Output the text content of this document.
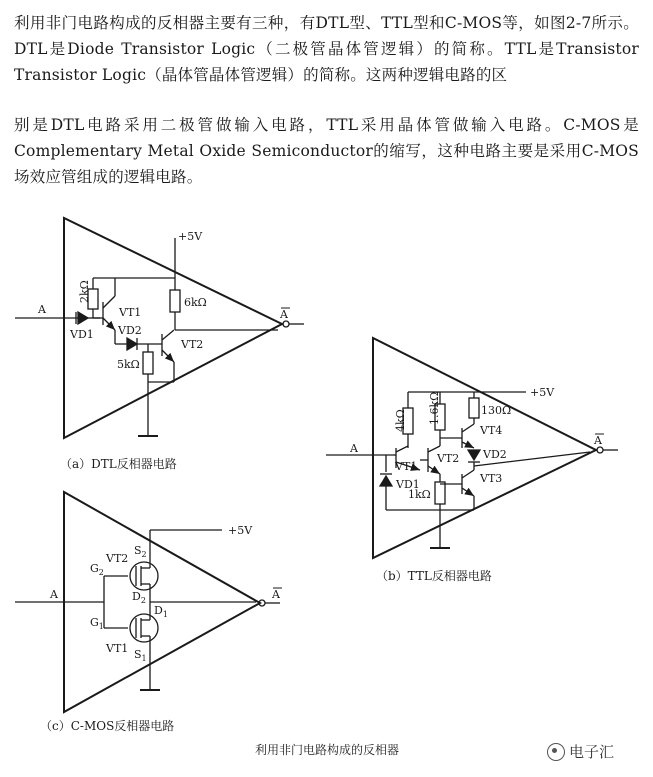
利用非门电路构成的反相器主要有三种，有DTL型、TTL型和C-MOS等，如图2-7所示。DTL是Diode Transistor Logic（二极管晶体管逻辑）的简称。TTL是Transistor Transistor Logic（晶体管晶体管逻辑）的简称。这两种逻辑电路的区
别是DTL电路采用二极管做输入电路，TTL采用晶体管做输入电路。C-MOS是Complementary Metal Oxide Semiconductor的缩写，这种电路主要是采用C-MOS场效应管组成的逻辑电路。
A
2kΩ
VD1
VT1
VD2
5kΩ
6kΩ
VT2
+5V
A
（a）DTL反相器电路
A
4kΩ 1.6kΩ	130Ω
+5V
VT4
VD2
VT1
VT2
VT3
VD1
1kΩ
A
（b）TTL反相器电路
A
+5V
VT2
VT1
$G_2$
$G_1$
$S_2$
$D_2$
$D_1$
$S_1$
A
（c）C-MOS反相器电路
利用非门电路构成的反相器	电子汇
